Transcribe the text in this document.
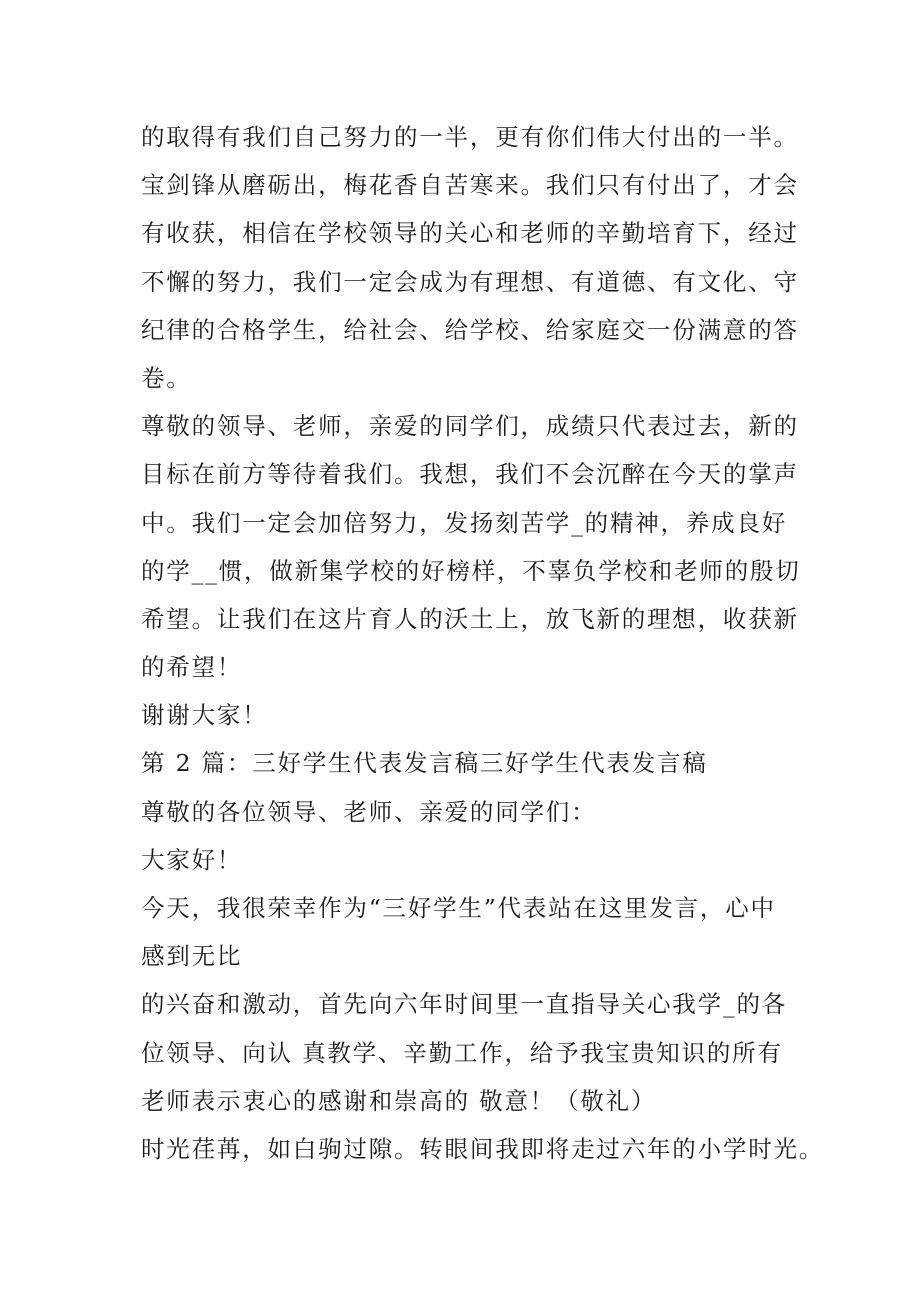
的取得有我们自己努力的一半，更有你们伟大付出的一半。
宝剑锋从磨砺出，梅花香自苦寒来。我们只有付出了，才会
有收获，相信在学校领导的关心和老师的辛勤培育下，经过
不懈的努力，我们一定会成为有理想、有道德、有文化、守
纪律的合格学生，给社会、给学校、给家庭交一份满意的答
卷。
尊敬的领导、老师，亲爱的同学们，成绩只代表过去，新的
目标在前方等待着我们。我想，我们不会沉醉在今天的掌声
中。我们一定会加倍努力，发扬刻苦学_的精神，养成良好
的学__惯，做新集学校的好榜样，不辜负学校和老师的殷切
希望。让我们在这片育人的沃土上，放飞新的理想，收获新
的希望！
谢谢大家！
第 2 篇：三好学生代表发言稿三好学生代表发言稿
尊敬的各位领导、老师、亲爱的同学们：
大家好！
今天，我很荣幸作为“三好学生”代表站在这里发言，心中
感到无比
的兴奋和激动，首先向六年时间里一直指导关心我学_的各
位领导、向认 真教学、辛勤工作，给予我宝贵知识的所有
老师表示衷心的感谢和崇高的 敬意！（敬礼）
时光荏苒，如白驹过隙。转眼间我即将走过六年的小学时光。
